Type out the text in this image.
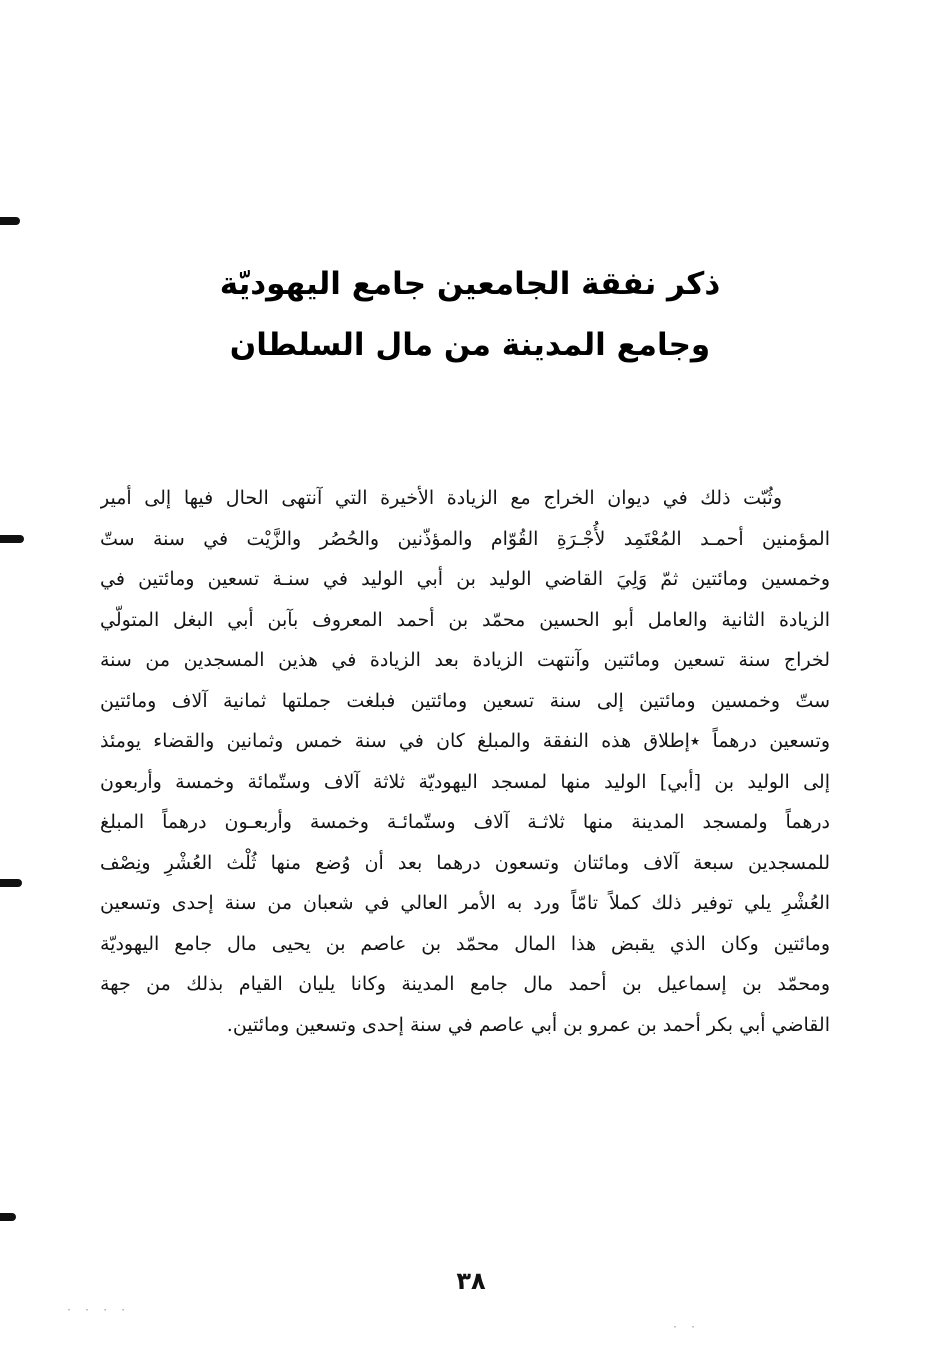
ذكر نفقة الجامعين جامع اليهوديّة
وجامع المدينة من مال السلطان
وثُبّت ذلك في ديوان الخراج مع الزيادة الأخيرة التي آنتهى الحال فيها إلى أمير
المؤمنين أحمـد المُعْتَمِد لأُجْـرَةِ القُوّام والمؤذّنين والحُصُر والزَّيْت في سنة ستّ
وخمسين ومائتين ثمّ وَلِيَ القاضي الوليد بن أبي الوليد في سنـة تسعين ومائتين في
الزيادة الثانية والعامل أبو الحسين محمّد بن أحمد المعروف بآبن أبي البغل المتولّي
لخراج سنة تسعين ومائتين وآنتهت الزيادة بعد الزيادة في هذين المسجدين من سنة
ستّ وخمسين ومائتين إلى سنة تسعين ومائتين فبلغت جملتها ثمانية آلاف ومائتين
وتسعين درهماً ٭إطلاق هذه النفقة والمبلغ كان في سنة خمس وثمانين والقضاء يومئذ
إلى الوليد بن [أبي] الوليد منها لمسجد اليهوديّة ثلاثة آلاف وستّمائة وخمسة وأربعون
درهماً ولمسجد المدينة منها ثلاثـة آلاف وستّمائـة وخمسة وأربعـون درهماً المبلغ
للمسجدين سبعة آلاف ومائتان وتسعون درهما بعد أن وُضع منها ثُلْث العُشْرِ ونِصْف
العُشْرِ يلي توفير ذلك كملاً تامّاً ورد به الأمر العالي في شعبان من سنة إحدى وتسعين
ومائتين وكان الذي يقبض هذا المال محمّد بن عاصم بن يحيى مال جامع اليهوديّة
ومحمّد بن إسماعيل بن أحمد مال جامع المدينة وكانا يليان القيام بذلك من جهة
القاضي أبي بكر أحمد بن عمرو بن أبي عاصم في سنة إحدى وتسعين ومائتين.
٣٨
· · · ·
· ·
